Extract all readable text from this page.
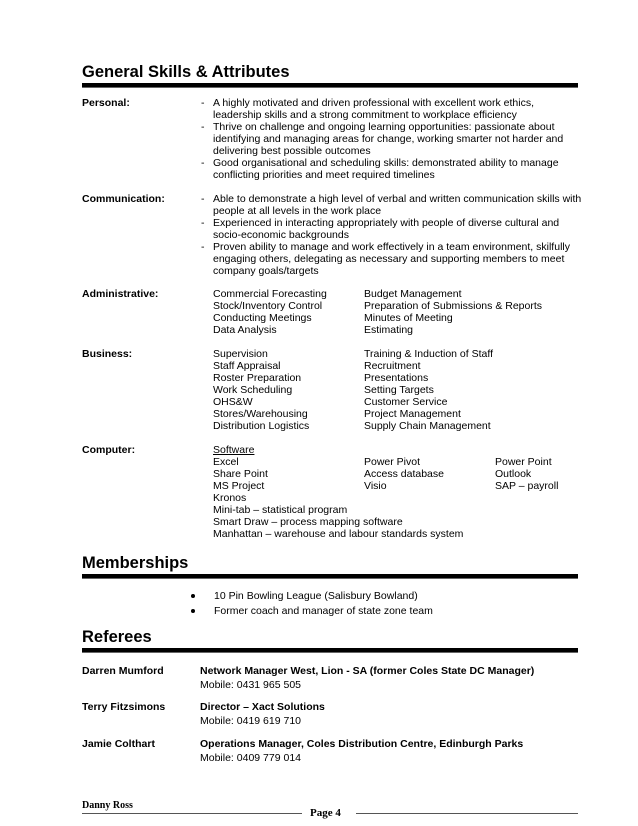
General Skills & Attributes
Personal:	- A highly motivated and driven professional with excellent work ethics,
leadership skills and a strong commitment to workplace efficiency
- Thrive on challenge and ongoing learning opportunities: passionate about
identifying and managing areas for change, working smarter not harder and
delivering best possible outcomes
- Good organisational and scheduling skills: demonstrated ability to manage
conflicting priorities and meet required timelines
Communication:	- Able to demonstrate a high level of verbal and written communication skills with
people at all levels in the work place
- Experienced in interacting appropriately with people of diverse cultural and
socio-economic backgrounds
- Proven ability to manage and work effectively in a team environment, skilfully
engaging others, delegating as necessary and supporting members to meet
company goals/targets
Administrative:	Commercial Forecasting	Budget Management
Stock/Inventory Control	Preparation of Submissions & Reports
Conducting Meetings	Minutes of Meeting
Data Analysis	Estimating
Business:	Supervision	Training & Induction of Staff
Staff Appraisal	Recruitment
Roster Preparation	Presentations
Work Scheduling	Setting Targets
OHS&W	Customer Service
Stores/Warehousing	Project Management
Distribution Logistics	Supply Chain Management
Computer:	Software
Excel	Power Pivot	Power Point
Share Point	Access database	Outlook
MS Project	Visio	SAP – payroll
Kronos
Mini-tab – statistical program
Smart Draw – process mapping software
Manhattan – warehouse and labour standards system
Memberships
10 Pin Bowling League (Salisbury Bowland)
Former coach and manager of state zone team
Referees
Darren Mumford	Network Manager West, Lion - SA (former Coles State DC Manager)
Mobile: 0431 965 505
Terry Fitzsimons	Director – Xact Solutions
Mobile: 0419 619 710
Jamie Colthart	Operations Manager, Coles Distribution Centre, Edinburgh Parks
Mobile: 0409 779 014
Danny Ross
Page 4
